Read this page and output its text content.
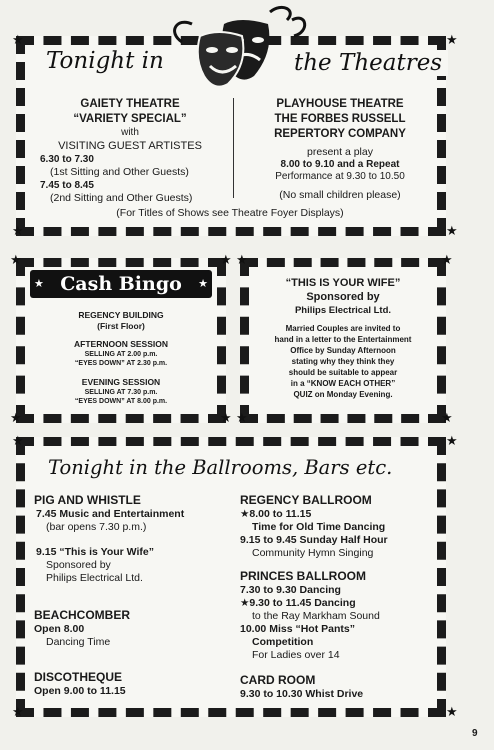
★	★
★	★
Tonight in	the Theatres

GAIETY THEATRE

“VARIETY SPECIAL”

with

VISITING GUEST ARTISTES

6.30 to 7.30

(1st Sitting and Other Guests)

7.45 to 8.45

(2nd Sitting and Other Guests)

PLAYHOUSE THEATRE

THE FORBES RUSSELL

REPERTORY COMPANY

present a play

8.00 to 9.10 and a Repeat

Performance at 9.30 to 10.50

(No small children please)

(For Titles of Shows see Theatre Foyer Displays)

★	★
★	★
★ Cash Bingo	★

REGENCY BUILDING

(First Floor)

AFTERNOON SESSION

SELLING AT 2.00 p.m.

“EYES DOWN” AT 2.30 p.m.

EVENING SESSION

SELLING AT 7.30 p.m.

“EYES DOWN” AT 8.00 p.m.

★	★
★	★

“THIS IS YOUR WIFE”

Sponsored by

Philips Electrical Ltd.

Married Couples are invited to

hand in a letter to the Entertainment

Office by Sunday Afternoon

stating why they think they

should be suitable to appear

in a “KNOW EACH OTHER”

QUIZ on Monday Evening.

★	★
★	★
Tonight in the Ballrooms, Bars etc.

PIG AND WHISTLE

7.45 Music and Entertainment

(bar opens 7.30 p.m.)

9.15 “This is Your Wife”

Sponsored by

Philips Electrical Ltd.

BEACHCOMBER

Open 8.00

Dancing Time

DISCOTHEQUE

Open 9.00 to 11.15

REGENCY BALLROOM

★8.00 to 11.15

Time for Old Time Dancing

9.15 to 9.45 Sunday Half Hour

Community Hymn Singing

PRINCES BALLROOM

7.30 to 9.30 Dancing

★9.30 to 11.45 Dancing

to the Ray Markham Sound

10.00 Miss “Hot Pants”

Competition

For Ladies over 14

CARD ROOM

9.30 to 10.30 Whist Drive

9
